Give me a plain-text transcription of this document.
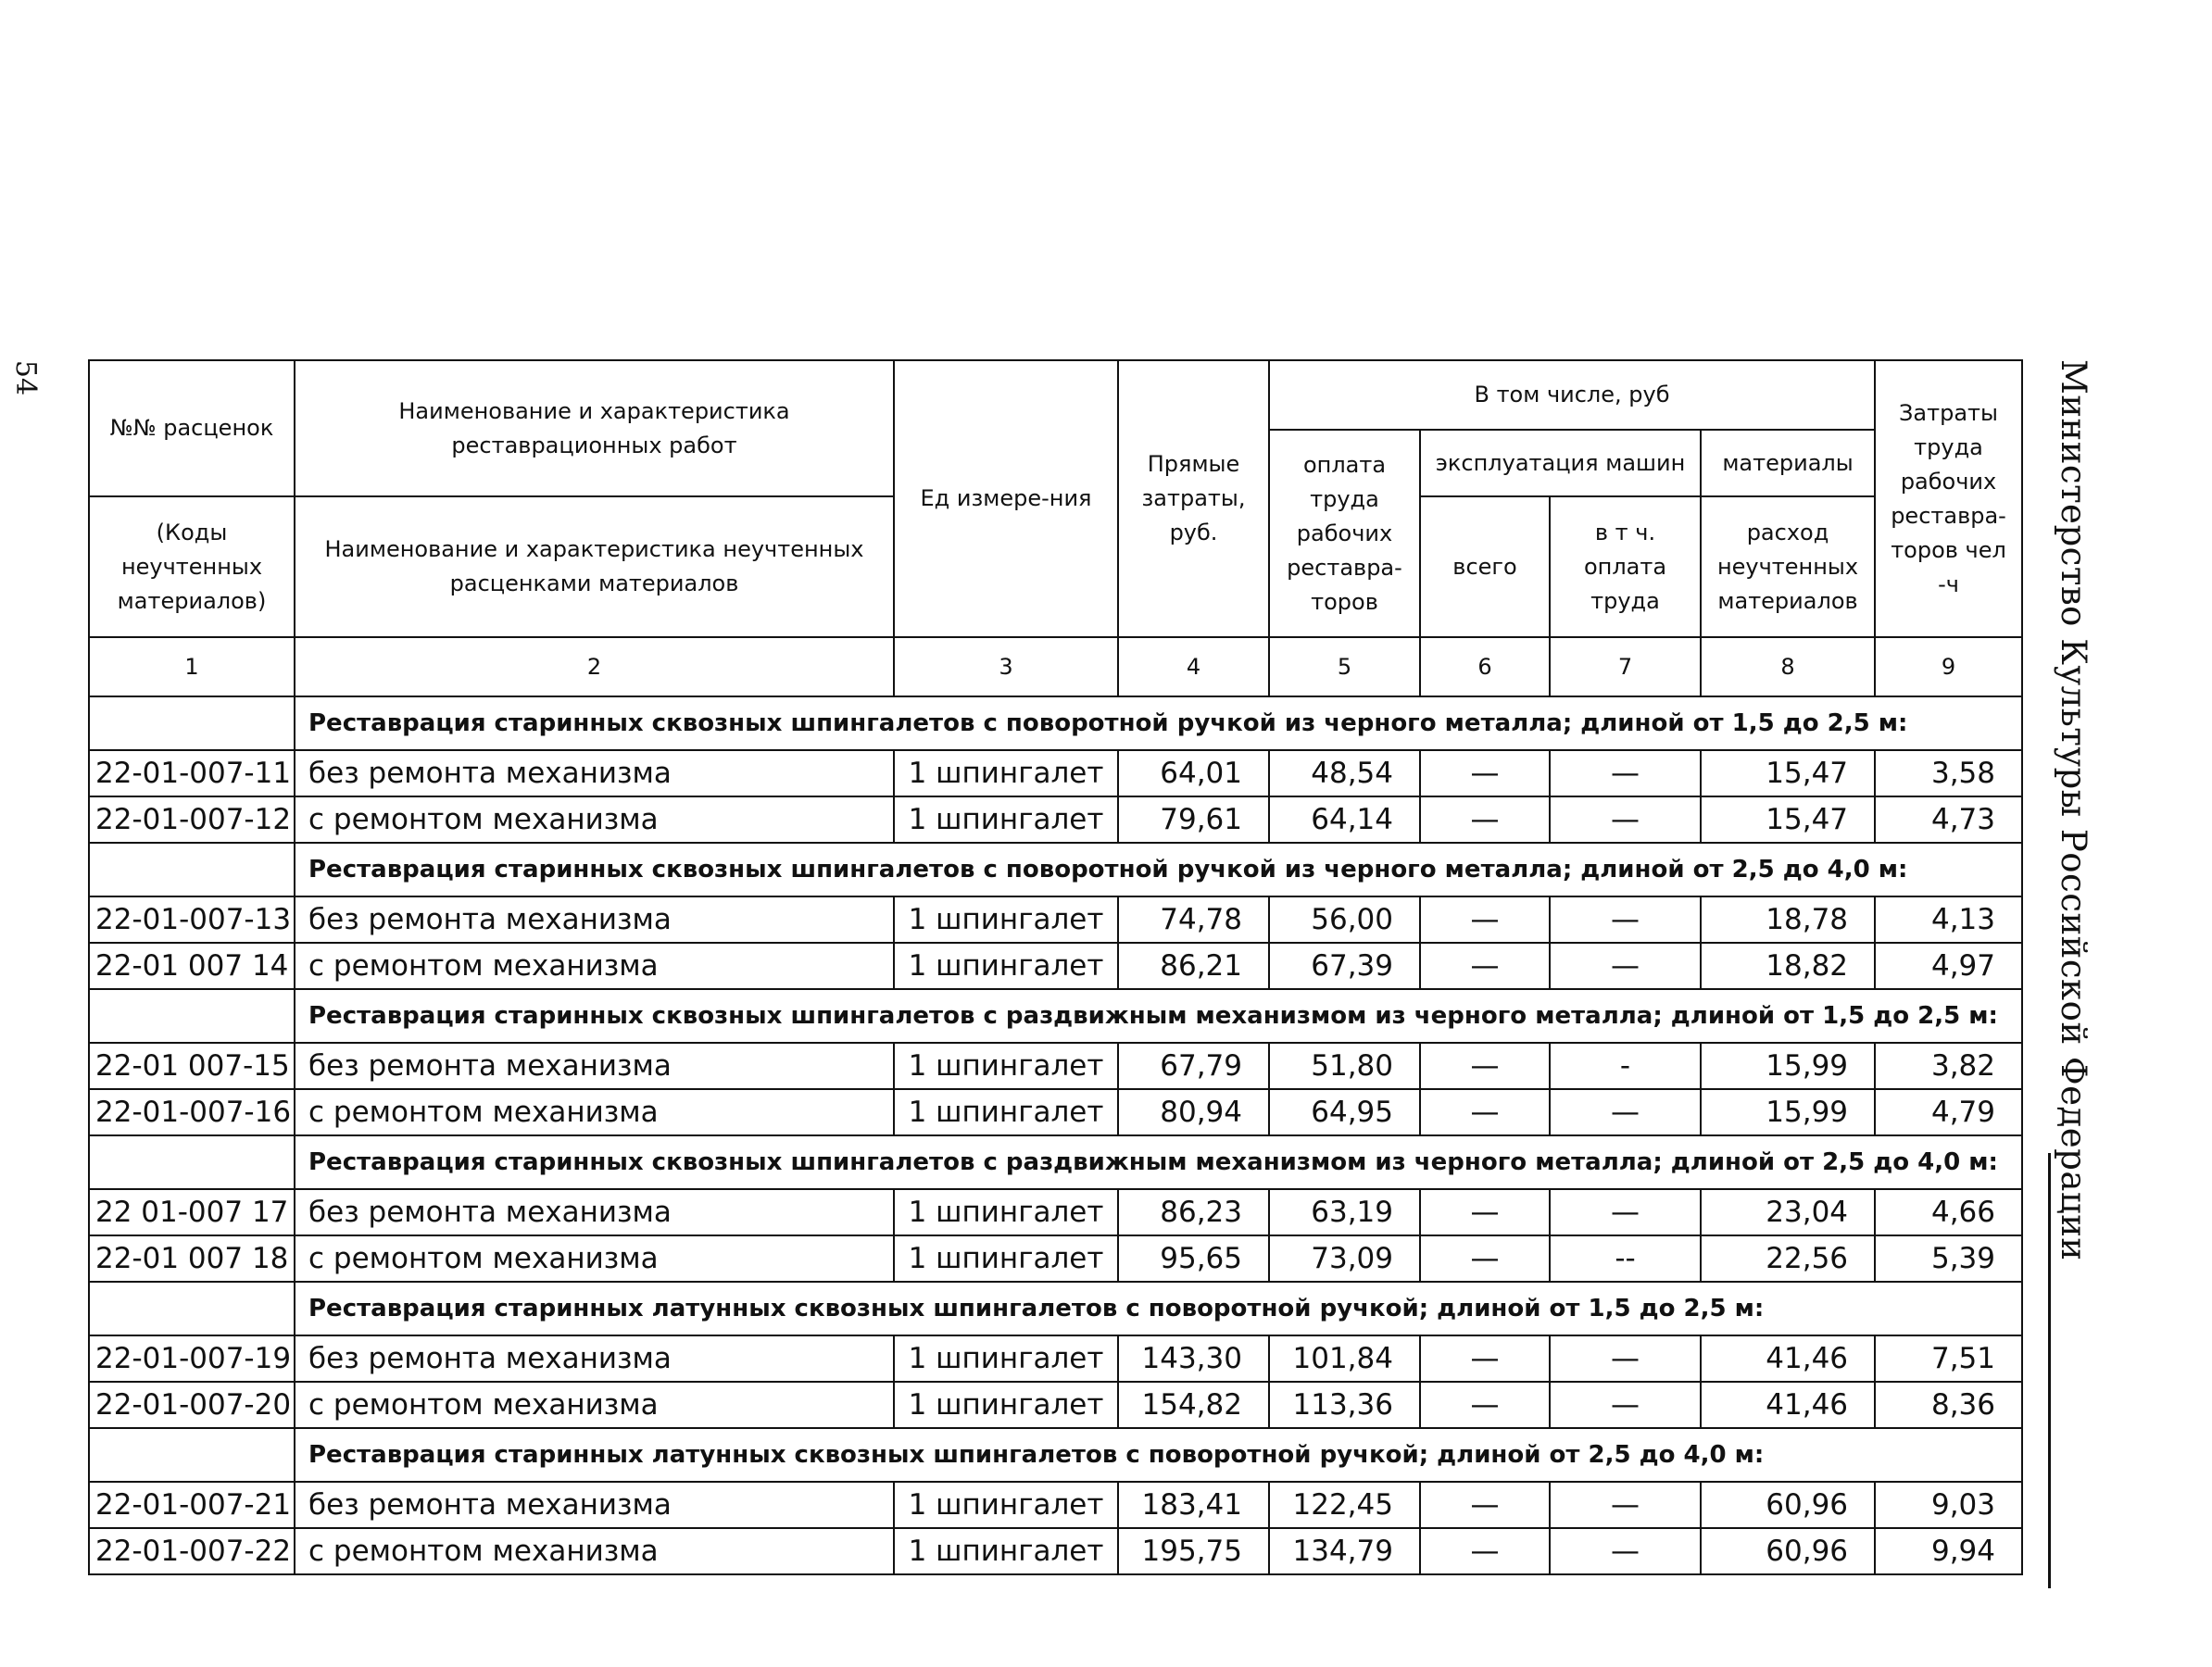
54	Министерство Культуры Российской Федерации
№№ расценок	Наименование и характеристика реставрационных работ	Ед измере-ния	Прямые затраты, руб.	В том числе, руб				Затраты труда рабочих реставра-торов чел -ч
				оплата труда рабочих реставра-торов	эксплуатация машин		материалы	
(Коды неучтенных материалов)	Наименование и характеристика неучтенных расценками материалов				всего	в т ч. оплата труда	расход неучтенных материалов	
1	2	3	4	5	6	7	8	9
	Реставрация старинных сквозных шпингалетов с поворотной ручкой из черного металла; длиной от 1,5 до 2,5 м:							
22-01-007-11	без ремонта механизма	1 шпингалет	64,01	48,54	—	—	15,47	3,58
22-01-007-12	с ремонтом механизма	1 шпингалет	79,61	64,14	—	—	15,47	4,73
	Реставрация старинных сквозных шпингалетов с поворотной ручкой из черного металла; длиной от 2,5 до 4,0 м:							
22-01-007-13	без ремонта механизма	1 шпингалет	74,78	56,00	—	—	18,78	4,13
22-01 007 14	с ремонтом механизма	1 шпингалет	86,21	67,39	—	—	18,82	4,97
	Реставрация старинных сквозных шпингалетов с раздвижным механизмом из черного металла; длиной от 1,5 до 2,5 м:							
22-01 007-15	без ремонта механизма	1 шпингалет	67,79	51,80	—	-	15,99	3,82
22-01-007-16	с ремонтом механизма	1 шпингалет	80,94	64,95	—	—	15,99	4,79
	Реставрация старинных сквозных шпингалетов с раздвижным механизмом из черного металла; длиной от 2,5 до 4,0 м:							
22 01-007 17	без ремонта механизма	1 шпингалет	86,23	63,19	—	—	23,04	4,66
22-01 007 18	с ремонтом механизма	1 шпингалет	95,65	73,09	—	--	22,56	5,39
	Реставрация старинных латунных сквозных шпингалетов с поворотной ручкой; длиной от 1,5 до 2,5 м:							
22-01-007-19	без ремонта механизма	1 шпингалет	143,30	101,84	—	—	41,46	7,51
22-01-007-20	с ремонтом механизма	1 шпингалет	154,82	113,36	—	—	41,46	8,36
	Реставрация старинных латунных сквозных шпингалетов с поворотной ручкой; длиной от 2,5 до 4,0 м:							
22-01-007-21	без ремонта механизма	1 шпингалет	183,41	122,45	—	—	60,96	9,03
22-01-007-22	с ремонтом механизма	1 шпингалет	195,75	134,79	—	—	60,96	9,94
